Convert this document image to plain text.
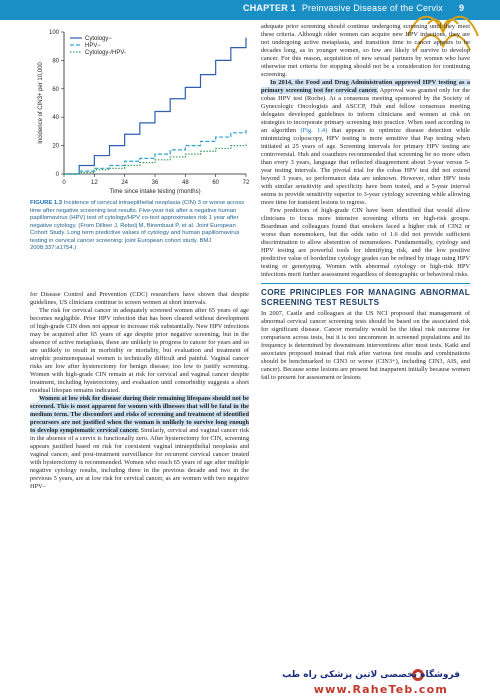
CHAPTER 1 Preinvasive Disease of the Cervix 9
0
20
40
60
80
100
0	12	24	36	48	60	72
Time since intake testing (months)
Incidence of CIN3+ per 10,000
Cytology−
HPV−
Cytology-/HPV-
FIGURE 1.3 Incidence of cervical intraepithelial neoplasia (CIN) 3 or worse across time after negative screening test results. Five-year risk after a negative human papillomavirus (HPV) test of cytology/HPV co-test approximates risk 1 year after negative cytology. (From Dillner J, Rebolj M, Birembaut P, et al. Joint European Cohort Study. Long term predictive values of cytology and human papillomavirus testing in cervical cancer screening: joint European cohort study. BMJ 2008;337:a1754.)

for Disease Control and Prevention (CDC) researchers have shown that despite guidelines, US clinicians continue to screen women at short intervals.

The risk for cervical cancer in adequately screened women after 65 years of age becomes negligible. Prior HPV infection that has been cleared without development of high-grade CIN does not appear to increase risk substantially. New HPV infections may be acquired after 65 years of age despite prior negative screening, but in the absence of active metaplasia, these are unlikely to progress to cancer for years and so are unlikely to result in morbidity or mortality, but evaluation and treatment of atrophic postmenopausal women is technically difficult and painful. Vaginal cancer risks are low after hysterectomy for benign disease; too low to justify screening. Women with high-grade CIN remain at risk for cervical and vaginal cancer despite treatment, including hysterectomy, and evaluation until comorbidity suggests a short residual lifespan remains indicated.

Women at low risk for disease during their remaining lifespans should not be screened. This is most apparent for women with illnesses that will be fatal in the medium term. The discomfort and risks of screening and treatment of identified precursors are not justified when the woman is unlikely to survive long enough to develop symptomatic cervical cancer. Similarly, cervical and vaginal cancer risk in the absence of a cervix is functionally zero. After hysterectomy for CIN, screening appears justified based on risk for coexistent vaginal intraepithelial neoplasia and vaginal cancer, and post-treatment surveillance for recurrent cervical cancer treated with hysterectomy is recommended. Women who reach 65 years of age after multiple negative cytology results, including three in the previous decade and two in the previous 5 years, are at low risk for cervical cancer, as are women with two negative HPV–

adequate prior screening should continue undergoing screening until they meet these criteria. Although older women can acquire new HPV infections, they are not undergoing active metaplasia, and transition time to cancer appears to be decades long, as in younger women, so few are likely to survive to develop cancer. For this reason, acquisition of new sexual partners by women who have otherwise met criteria for stopping should not be a consideration for continuing screening.

In 2014, the Food and Drug Administration approved HPV testing as a primary screening test for cervical cancer. Approval was granted only for the cobas HPV test (Roche). At a consensus meeting sponsored by the Society of Gynecologic Oncologists and ASCCP, Huh and fellow consensus meeting delegates developed guidelines to inform clinicians and women at risk on strategies to incorporate primary screening into practice. When used according to an algorithm (Fig. 1.4) that appears to optimize disease detection while minimizing colposcopy, HPV testing is more sensitive that Pap testing when initiated at 25 years of age. Screening intervals for primary HPV testing are controversial. Huh and coauthors recommended that screening be no more often than every 3 years, language that reflected disagreement about 3-year versus 5-year testing intervals. The pivotal trial for the cobas HPV test did not extend beyond 3 years, so performance data are unknown. However, other HPV tests with similar sensitivity and specificity have been tested, and a 5-year interval seems to provide sensitivity superior to 3-year cytology screening while allowing more time for transient lesions to regress.

Few predictors of high-grade CIN have been identified that would allow clinicians to focus more intensive screening efforts on high-risk groups. Boardman and colleagues found that smokers faced a higher risk of CIN2 or worse than nonsmokers, but the odds ratio of 1.6 did not provide sufficient discrimination to allow abstention of nonsmokers. Fundamentally, cytology and HPV testing are powerful tools for identifying risk, and the low positive predictive value of borderline cytology grades can be refined by triage using HPV testing or genotyping. Women with abnormal cytology or high-risk HPV infections merit further assessment regardless of demographic or behavioral risks.

CORE PRINCIPLES FOR MANAGING ABNORMAL SCREENING TEST RESULTS

In 2007, Castle and colleagues at the US NCI proposed that management of abnormal cervical cancer screening tests should be based on the associated risk for significant disease. Cancer mortality would be the ideal risk outcome for comparison across tests, but it is too uncommon in screened populations and its frequency is determined by downstream interventions after most tests. Katki and associates proposed instead that risk after various test results and combinations should be benchmarked to CIN3 or worse (CIN3+), including CIN3, AIS, and cancer). Because some lesions are present but inapparent initially because women fail to present for assessment or lesions

فروشگاه تخصصی لاتین پزشکی راه طب
www.RaheTeb.com
